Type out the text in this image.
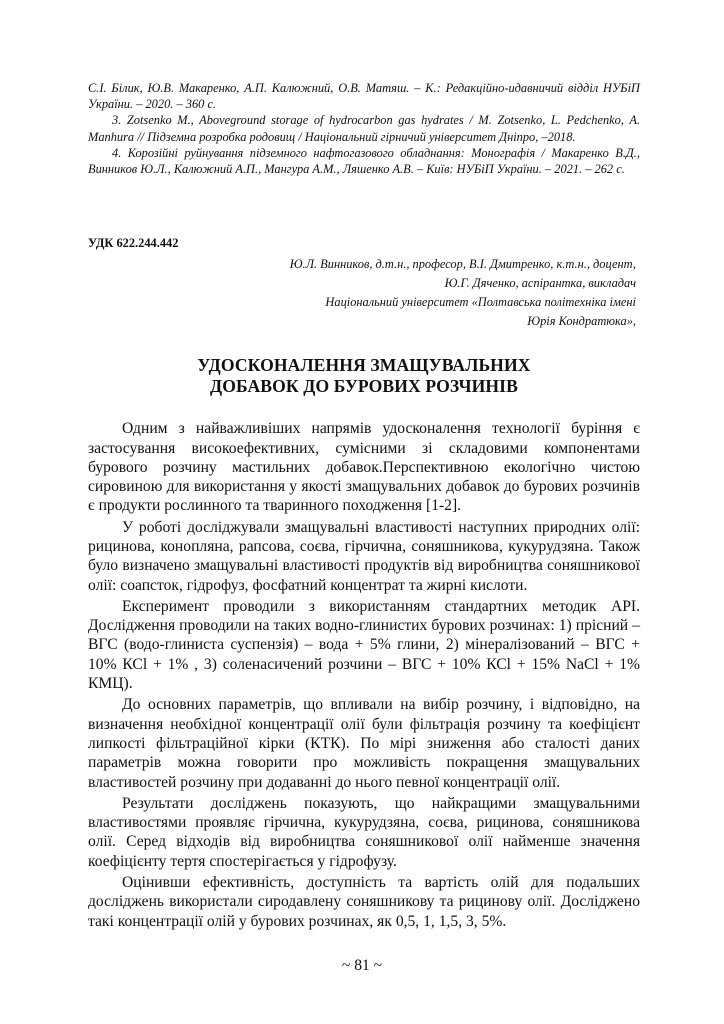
С.І. Білик, Ю.В. Макаренко, А.П. Калюжний, О.В. Матяш. – К.: Редакційно-идавничий відділ НУБіП України. – 2020. – 360 с.
3. Zotsenko M., Aboveground storage of hydrocarbon gas hydrates / M. Zotsenko, L. Pedchenko, A. Manhura // Підземна розробка родовищ / Національний гірничий університет Дніпро, –2018.
4. Корозійні руйнування підземного нафтогазового обладнання: Монографія / Макаренко В.Д., Винников Ю.Л., Калюжний А.П., Мангура А.М., Ляшенко А.В. – Київ: НУБіП України. – 2021. – 262 с.
УДК 622.244.442
Ю.Л. Винников, д.т.н., професор, В.І. Дмитренко, к.т.н., доцент,
Ю.Г. Дяченко, аспірантка, викладач
Національний університет «Полтавська політехніка імені
Юрія Кондратюка»,
УДОСКОНАЛЕННЯ ЗМАЩУВАЛЬНИХ
ДОБАВОК ДО БУРОВИХ РОЗЧИНІВ

Одним з найважливіших напрямів удосконалення технології буріння є застосування високоефективних, сумісними зі складовими компонентами бурового розчину мастильних добавок.Перспективною екологічно чистою сировиною для використання у якості змащувальних добавок до бурових розчинів є продукти рослинного та тваринного походження [1-2].

У роботі досліджували змащувальні властивості наступних природних олії: рицинова, конопляна, рапсова, соєва, гірчична, соняшникова, кукурудзяна. Також було визначено змащувальні властивості продуктів від виробництва соняшникової олії: соапсток, гідрофуз, фосфатний концентрат та жирні кислоти.

Експеримент проводили з використанням стандартних методик API. Дослідження проводили на таких водно-глинистих бурових розчинах: 1) прісний – ВГС (водо-глиниста суспензія) – вода + 5% глини, 2) мінералізований – ВГС + 10% КСl + 1% , 3) соленасичений розчини – ВГС + 10% КСl + 15% NaCl + 1% КМЦ).

До основних параметрів, що впливали на вибір розчину, і відповідно, на визначення необхідної концентрації олії були фільтрація розчину та коефіцієнт липкості фільтраційної кірки (КТК). По мірі зниження або сталості даних параметрів можна говорити про можливість покращення змащувальних властивостей розчину при додаванні до нього певної концентрації олії.

Результати досліджень показують, що найкращими змащувальними властивостями проявляє гірчична, кукурудзяна, соєва, рицинова, соняшникова олії. Серед відходів від виробництва соняшникової олії найменше значення коефіцієнту тертя спостерігається у гідрофузу.

Оцінивши ефективність, доступність та вартість олій для подальших досліджень використали сиродавлену соняшникову та рицинову олії. Досліджено такі концентрації олій у бурових розчинах, як 0,5, 1, 1,5, 3, 5%.

~ 81 ~
